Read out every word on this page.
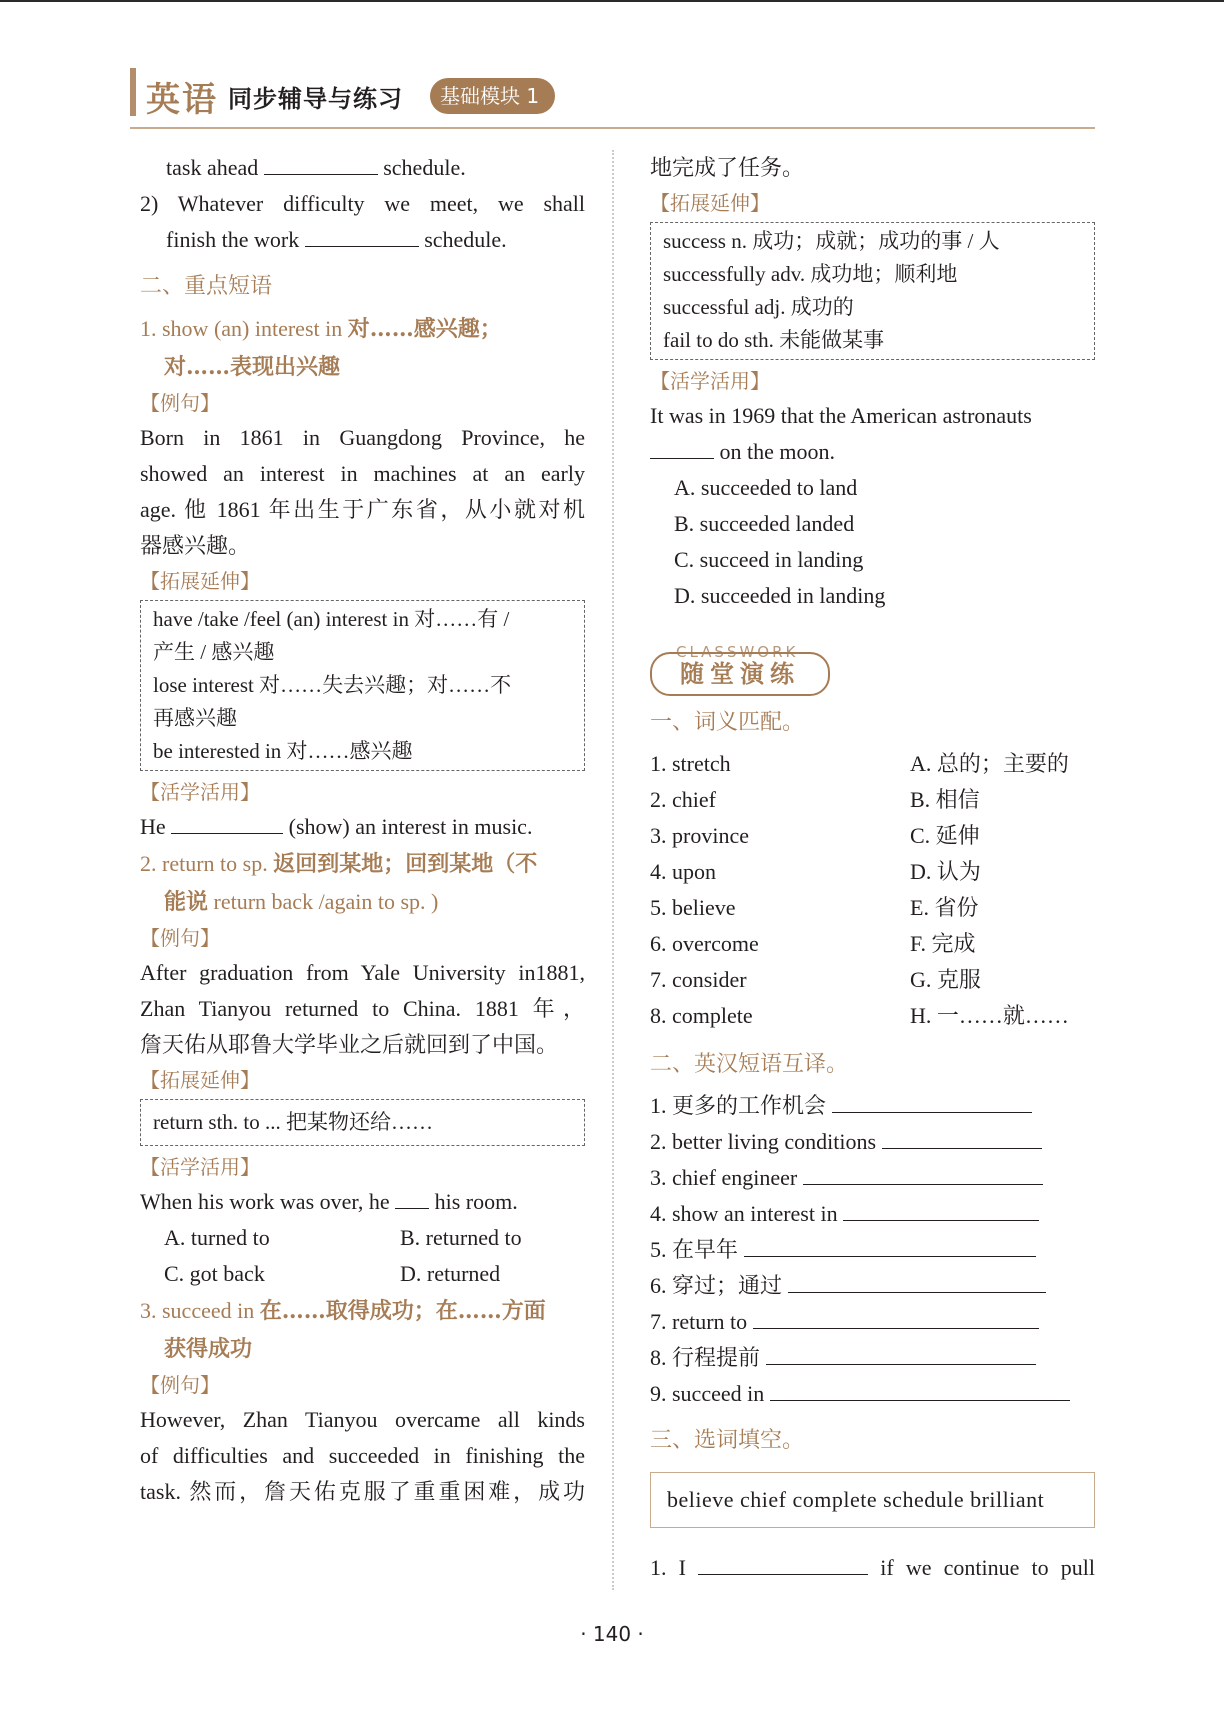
英语 同步辅导与练习	基础模块 1

task ahead	schedule.

2) Whatever difficulty we meet, we shall

finish the work	schedule.

二、重点短语
1. show (an) interest in 对……感兴趣；
对……表现出兴趣
【例句】

Born in 1861 in Guangdong Province, he

showed an interest in machines at an early

age. 他 1861 年出生于广东省，从小就对机

器感兴趣。

【拓展延伸】

have /take /feel (an) interest in 对……有 /

产生 / 感兴趣

lose interest 对……失去兴趣；对……不

再感兴趣

be interested in 对……感兴趣

【活学活用】

He	(show) an interest in music.

2. return to sp. 返回到某地；回到某地（不
能说 return back /again to sp. )
【例句】

After graduation from Yale University in1881,

Zhan Tianyou returned to China. 1881 年，

詹天佑从耶鲁大学毕业之后就回到了中国。

【拓展延伸】

return sth. to ... 把某物还给……

【活学活用】

When his work was over, he his room.

A. turned to	B. returned to
C. got back	D. returned
3. succeed in 在……取得成功；在……方面
获得成功
【例句】

However, Zhan Tianyou overcame all kinds

of difficulties and succeeded in finishing the

task. 然而，詹天佑克服了重重困难，成功

地完成了任务。

【拓展延伸】

success n. 成功；成就；成功的事 / 人

successfully adv. 成功地；顺利地

successful adj. 成功的

fail to do sth. 未能做某事

【活学活用】

It was in 1969 that the American astronauts

on the moon.

A. succeeded to land

B. succeeded landed

C. succeed in landing

D. succeeded in landing

CLASSWORK
随堂演练
一、词义匹配。
1. stretch	A. 总的；主要的
2. chief	B. 相信
3. province	C. 延伸
4. upon	D. 认为
5. believe	E. 省份
6. overcome	F. 完成
7. consider	G. 克服
8. complete	H. 一……就……
二、英汉短语互译。

1. 更多的工作机会

2. better living conditions

3. chief engineer

4. show an interest in

5. 在早年

6. 穿过；通过

7. return to

8. 行程提前

9. succeed in

三、选词填空。
believe chief complete schedule brilliant

1. I	if we continue to pull

· 140 ·
